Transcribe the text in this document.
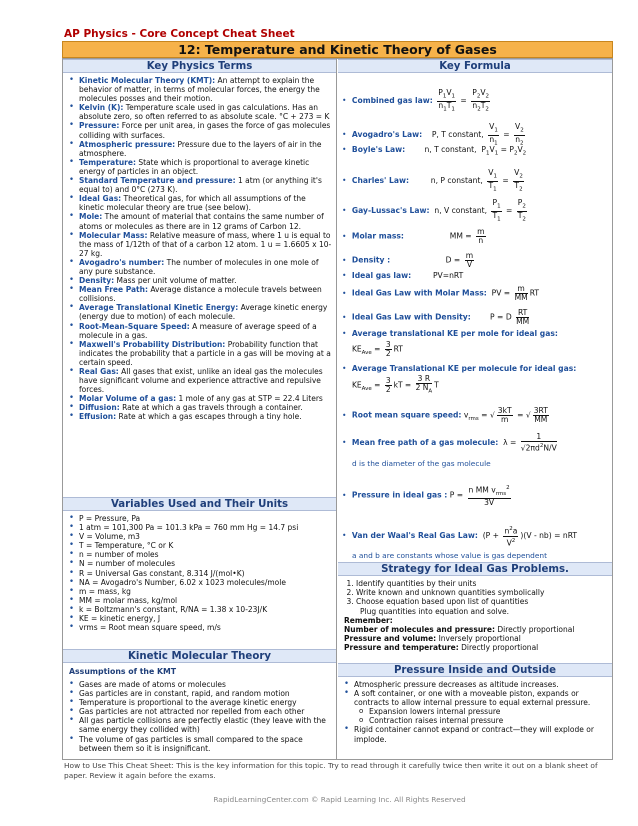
AP Physics - Core Concept Cheat Sheet
12: Temperature and Kinetic Theory of Gases
Key Physics Terms
• Kinetic Molecular Theory (KMT): An attempt to explain the behavior of matter, in terms of molecular forces, the energy the molecules posses and their motion.
• Kelvin (K): Temperature scale used in gas calculations. Has an absolute zero, so often referred to as absolute scale. °C + 273 = K
• Pressure: Force per unit area, in gases the force of gas molecules colliding with surfaces.
• Atmospheric pressure: Pressure due to the layers of air in the atmosphere.
• Temperature: State which is proportional to average kinetic energy of particles in an object.
• Standard Temperature and pressure: 1 atm (or anything it's equal to) and 0°C (273 K).
• Ideal Gas: Theoretical gas, for which all assumptions of the kinetic molecular theory are true (see below).
• Mole: The amount of material that contains the same number of atoms or molecules as there are in 12 grams of Carbon 12.
• Molecular Mass: Relative measure of mass, where 1 u is equal to the mass of 1/12th of that of a carbon 12 atom. 1 u = 1.6605 x 10-27 kg.
• Avogadro's number: The number of molecules in one mole of any pure substance.
• Density: Mass per unit volume of matter.
• Mean Free Path: Average distance a molecule travels between collisions.
• Average Translational Kinetic Energy: Average kinetic energy (energy due to motion) of each molecule.
• Root-Mean-Square Speed: A measure of average speed of a molecule in a gas.
• Maxwell's Probability Distribution: Probability function that indicates the probability that a particle in a gas will be moving at a certain speed.
• Real Gas: All gases that exist, unlike an ideal gas the molecules have significant volume and experience attractive and repulsive forces.
• Molar Volume of a gas: 1 mole of any gas at STP = 22.4 Liters
• Diffusion: Rate at which a gas travels through a container.
• Effusion: Rate at which a gas escapes through a tiny hole.
Variables Used and Their Units
• P = Pressure, Pa
• 1 atm = 101,300 Pa = 101.3 kPa = 760 mm Hg = 14.7 psi
• V = Volume, m3
• T = Temperature, °C or K
• n = number of moles
• N = number of molecules
• R = Universal Gas constant, 8.314 J/(mol•K)
• NA = Avogadro's Number, 6.02 x 1023 molecules/mole
• m = mass, kg
• MM = molar mass, kg/mol
• k = Boltzmann's constant, R/NA = 1.38 x 10-23J/K
• KE = kinetic energy, J
• vrms = Root mean square speed, m/s
Kinetic Molecular Theory
Assumptions of the KMT
• Gases are made of atoms or molecules
• Gas particles are in constant, rapid, and random motion
• Temperature is proportional to the average kinetic energy
• Gas particles are not attracted nor repelled from each other
• All gas particle collisions are perfectly elastic (they leave with the same energy they collided with)
• The volume of gas particles is small compared to the space between them so it is insignificant.
Key Formula
• Combined gas law: $\frac{P_1V_1}{n_1T_1} = \frac{P_2V_2}{n_2T_2}$
• Avogadro's Law: P, T constant, $\frac{V_1}{n_1} = \frac{V_2}{n_2}$
• Boyle's Law:	n, T constant,  $P_1V_1 = P_2V_2$
• Charles' Law:	n, P constant, $\frac{V_1}{T_1} = \frac{V_2}{T_2}$
• Gay-Lussac's Law: n, V constant, $\frac{P_1}{T_1} = \frac{P_2}{T_2}$
• Molar mass:                   MM = $\frac{m}{n}$
• Density :                       $D = \frac{m}{V}$
• Ideal gas law:	PV=nRT
• Ideal Gas Law with Molar Mass:  PV = $\frac{m}{MM}$ RT
• Ideal Gas Law with Density:        P = D $\frac{RT}{MM}$
• Average translational KE per mole for ideal gas:
$KE_{Ave} = \frac{3}{2}$ RT
• Average Translational KE per molecule for ideal gas:
$KE_{Ave} = \frac{3}{2}$ kT = $\frac{3 R}{2 N_A}$ T
• Root mean square speed: $v_{rms}$ = √ $\frac{3kT}{m}$ = √ $\frac{3RT}{MM}$
• Mean free path of a gas molecule:  $\lambda = \frac{1}{√2\pi d^2N/V}$
d is the diameter of the gas molecule
• Pressure in ideal gas : $P = \frac{n MM v_{rms}^2}{3V}$
• Van der Waal's Real Gas Law:  $(P + \frac{n^2a}{V^2} )(V - nb)$ = nRT
a and b are constants whose value is gas dependent
Strategy for Ideal Gas Problems.
1. Identify quantities by their units
2. Write known and unknown quantities symbolically
3. Choose equation based upon list of quantities
Plug quantities into equation and solve.
Remember:
Number of molecules and pressure: Directly proportional
Pressure and volume: Inversely proportional
Pressure and temperature: Directly proportional
Pressure Inside and Outside
• Atmospheric pressure decreases as altitude increases.
• A soft container, or one with a moveable piston, expands or contracts to allow internal pressure to equal external pressure.
o Expansion lowers internal pressure
o Contraction raises internal pressure
• Rigid container cannot expand or contract—they will explode or implode.
How to Use This Cheat Sheet: This is the key information for this topic. Try to read through it carefully twice then write it out on a blank sheet of paper. Review it again before the exams.
RapidLearningCenter.com © Rapid Learning Inc. All Rights Reserved
